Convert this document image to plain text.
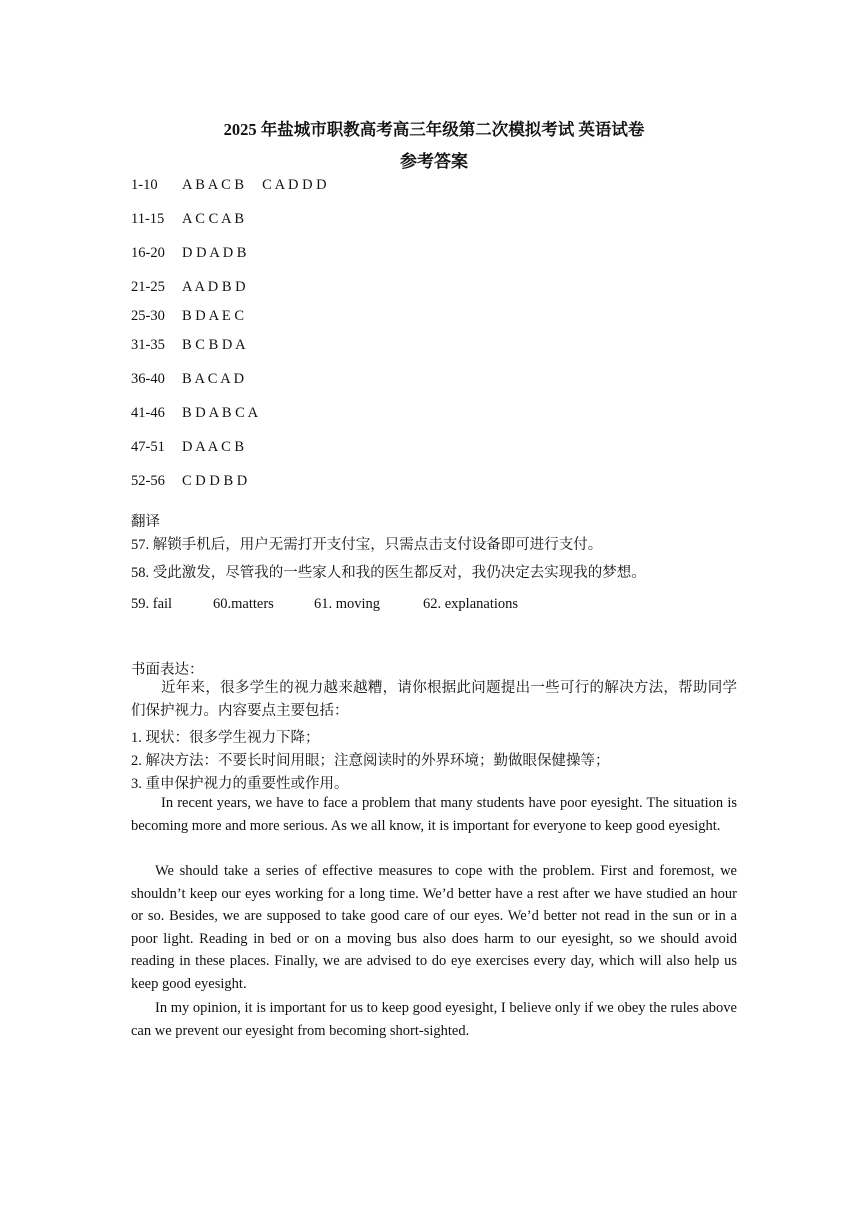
2025 年盐城市职教高考高三年级第二次模拟考试 英语试卷
参考答案
1-10 A B A C B     C A D D D
11-15 A C C A B
16-20 D D A D B
21-25 A A D B D
25-30 B D A E C
31-35 B C B D A
36-40 B A C A D
41-46 B D A B C A
47-51 D A A C B
52-56 C D D B D
翻译
57. 解锁手机后，用户无需打开支付宝，只需点击支付设备即可进行支付。
58. 受此激发，尽管我的一些家人和我的医生都反对，我仍决定去实现我的梦想。
59. fail	60.matters	61. moving	62. explanations
书面表达：

近年来，很多学生的视力越来越糟，请你根据此问题提出一些可行的解决方法，帮助同学们保护视力。内容要点主要包括：

1. 现状：很多学生视力下降；
2. 解决方法：不要长时间用眼；注意阅读时的外界环境；勤做眼保健操等；
3. 重申保护视力的重要性或作用。

In recent years, we have to face a problem that many students have poor eyesight. The situation is becoming more and more serious. As we all know, it is important for everyone to keep good eyesight.

We should take a series of effective measures to cope with the problem. First and foremost, we shouldn’t keep our eyes working for a long time. We’d better have a rest after we have studied an hour or so. Besides, we are supposed to take good care of our eyes. We’d better not read in the sun or in a poor light. Reading in bed or on a moving bus also does harm to our eyesight, so we should avoid reading in these places. Finally, we are advised to do eye exercises every day, which will also help us keep good eyesight.

In my opinion, it is important for us to keep good eyesight, I believe only if we obey the rules above can we prevent our eyesight from becoming short-sighted.
